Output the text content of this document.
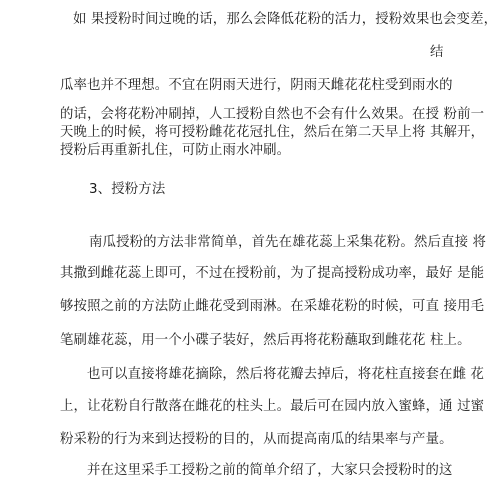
如 果授粉时间过晚的话，那么会降低花粉的活力，授粉效果也会变差，
结
瓜率也并不理想。不宜在阴雨天进行，阴雨天雌花花柱受到雨水的
的话，会将花粉冲刷掉，人工授粉自然也不会有什么效果。在授 粉前一
天晚上的时候，将可授粉雌花花冠扎住，然后在第二天早上将 其解开，
授粉后再重新扎住，可防止雨水冲刷。
3、授粉方法
南瓜授粉的方法非常简单，首先在雄花蕊上采集花粉。然后直接 将
其撒到雌花蕊上即可，不过在授粉前，为了提高授粉成功率，最好 是能
够按照之前的方法防止雌花受到雨淋。在采雄花粉的时候，可直 接用毛
笔刷雄花蕊，用一个小碟子装好，然后再将花粉蘸取到雌花花 柱上。
也可以直接将雄花摘除，然后将花瓣去掉后，将花柱直接套在雌 花
上，让花粉自行散落在雌花的柱头上。最后可在园内放入蜜蜂，通 过蜜
粉采粉的行为来到达授粉的目的，从而提高南瓜的结果率与产量。
并在这里采手工授粉之前的简单介绍了，大家只会授粉时的这
